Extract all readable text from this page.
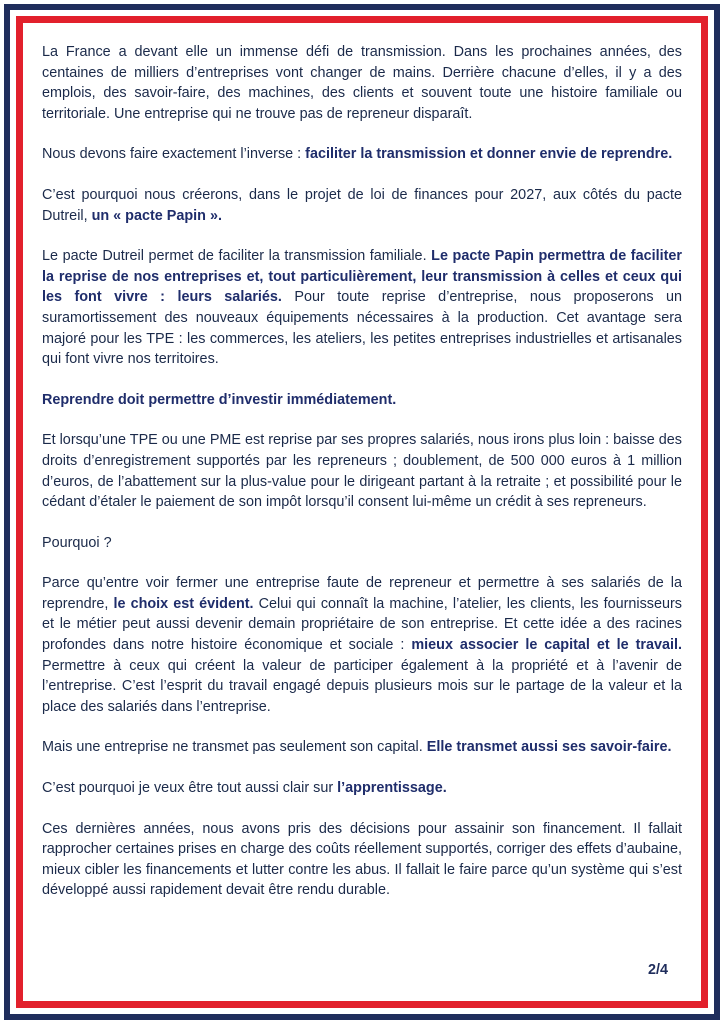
La France a devant elle un immense défi de transmission. Dans les prochaines années, des centaines de milliers d’entreprises vont changer de mains. Derrière chacune d’elles, il y a des emplois, des savoir-faire, des machines, des clients et souvent toute une histoire familiale ou territoriale. Une entreprise qui ne trouve pas de repreneur disparaît.

Nous devons faire exactement l’inverse : faciliter la transmission et donner envie de reprendre.

C’est pourquoi nous créerons, dans le projet de loi de finances pour 2027, aux côtés du pacte Dutreil, un « pacte Papin ».

Le pacte Dutreil permet de faciliter la transmission familiale. Le pacte Papin permettra de faciliter la reprise de nos entreprises et, tout particulièrement, leur transmission à celles et ceux qui les font vivre : leurs salariés. Pour toute reprise d’entreprise, nous proposerons un suramortissement des nouveaux équipements nécessaires à la production. Cet avantage sera majoré pour les TPE : les commerces, les ateliers, les petites entreprises industrielles et artisanales qui font vivre nos territoires.

Reprendre doit permettre d’investir immédiatement.

Et lorsqu’une TPE ou une PME est reprise par ses propres salariés, nous irons plus loin : baisse des droits d’enregistrement supportés par les repreneurs ; doublement, de 500 000 euros à 1 million d’euros, de l’abattement sur la plus-value pour le dirigeant partant à la retraite ; et possibilité pour le cédant d’étaler le paiement de son impôt lorsqu’il consent lui-même un crédit à ses repreneurs.

Pourquoi ?

Parce qu’entre voir fermer une entreprise faute de repreneur et permettre à ses salariés de la reprendre, le choix est évident. Celui qui connaît la machine, l’atelier, les clients, les fournisseurs et le métier peut aussi devenir demain propriétaire de son entreprise. Et cette idée a des racines profondes dans notre histoire économique et sociale : mieux associer le capital et le travail. Permettre à ceux qui créent la valeur de participer également à la propriété et à l’avenir de l’entreprise. C’est l’esprit du travail engagé depuis plusieurs mois sur le partage de la valeur et la place des salariés dans l’entreprise.

Mais une entreprise ne transmet pas seulement son capital. Elle transmet aussi ses savoir-faire.

C’est pourquoi je veux être tout aussi clair sur l’apprentissage.

Ces dernières années, nous avons pris des décisions pour assainir son financement. Il fallait rapprocher certaines prises en charge des coûts réellement supportés, corriger des effets d’aubaine, mieux cibler les financements et lutter contre les abus. Il fallait le faire parce qu’un système qui s’est développé aussi rapidement devait être rendu durable.

2/4
